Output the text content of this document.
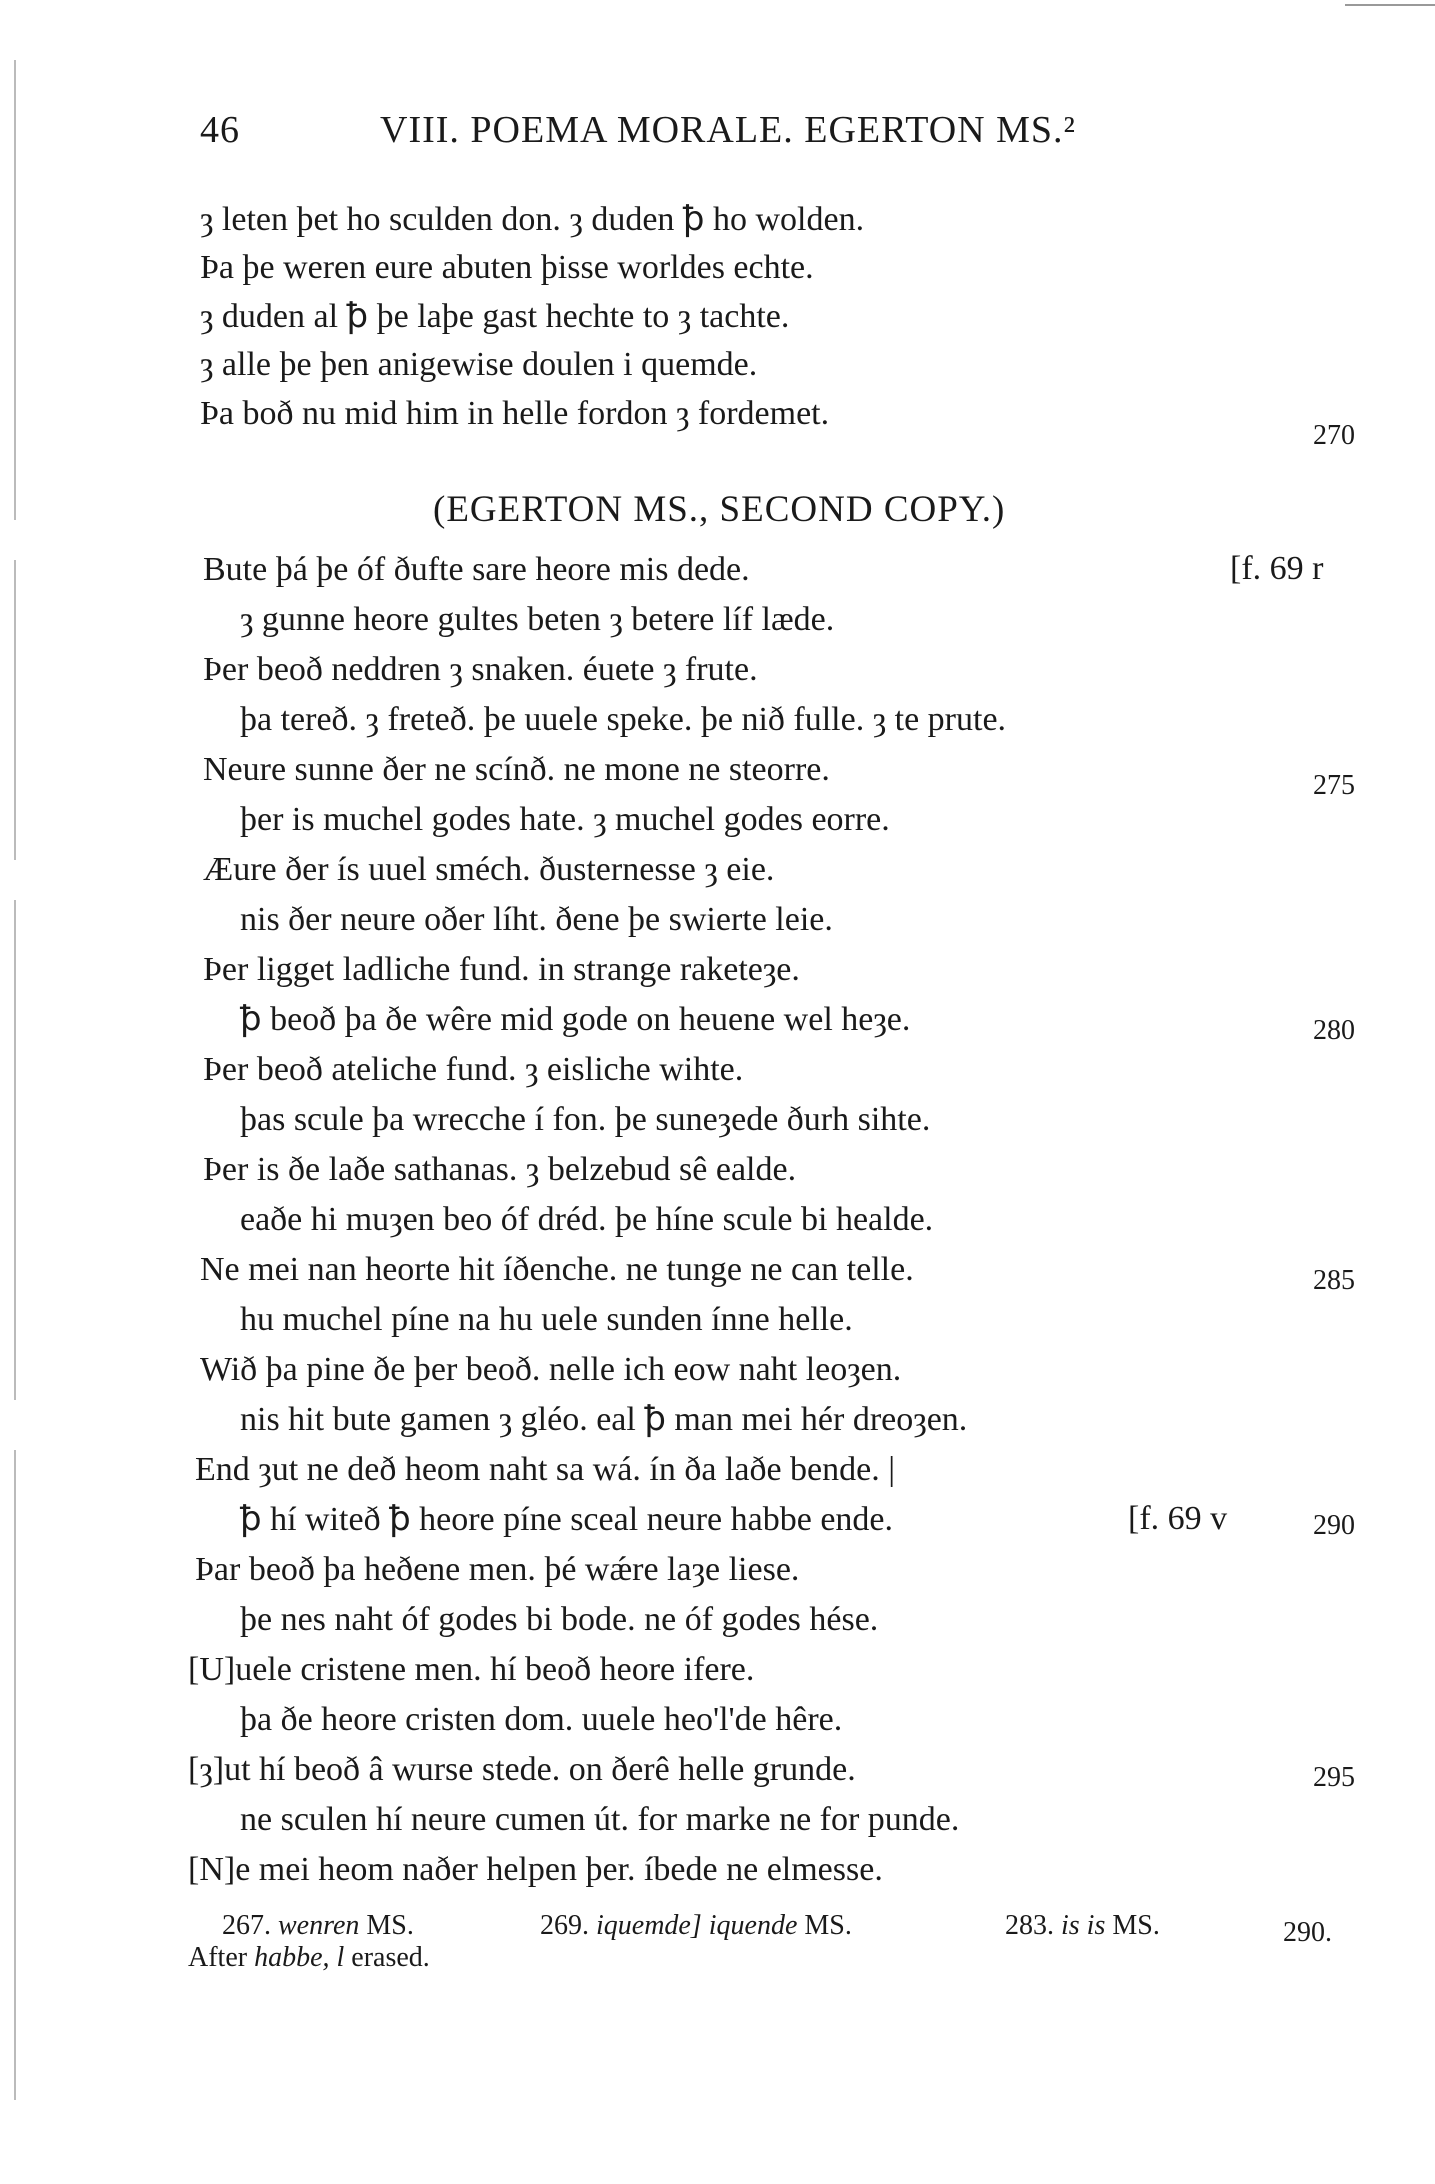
46	VIII. POEMA MORALE. EGERTON MS.²
ȝ leten þet ho sculden don. ȝ duden ꝥ ho wolden.
Þa þe weren eure abuten þisse worldes echte.
ȝ duden al ꝥ þe laþe gast hechte to ȝ tachte.
ȝ alle þe þen anigewise doulen i quemde.
Þa boð nu mid him in helle fordon ȝ fordemet.
270
(EGERTON MS., SECOND COPY.)
Bute þá þe óf ðufte sare heore mis dede.	[f. 69 r
ȝ gunne heore gultes beten ȝ betere líf læde.
Þer beoð neddren ȝ snaken. éuete ȝ frute.
þa tereð. ȝ freteð. þe uuele speke. þe nið fulle. ȝ te prute.
Neure sunne ðer ne scínð. ne mone ne steorre.	275
þer is muchel godes hate. ȝ muchel godes eorre.
Æure ðer ís uuel sméch. ðusternesse ȝ eie.
nis ðer neure oðer líht. ðene þe swierte leie.
Þer ligget ladliche fund. in strange raketeȝe.
ꝥ beoð þa ðe wêre mid gode on heuene wel heȝe.	280
Þer beoð ateliche fund. ȝ eisliche wihte.
þas scule þa wrecche í fon. þe suneȝede ðurh sihte.
Þer is ðe laðe sathanas. ȝ belzebud sê ealde.
eaðe hi muȝen beo óf dréd. þe híne scule bi healde.
Ne mei nan heorte hit íðenche. ne tunge ne can telle.	285
hu muchel píne na hu uele sunden ínne helle.
Wið þa pine ðe þer beoð. nelle ich eow naht leoȝen.
nis hit bute gamen ȝ gléo. eal ꝥ man mei hér dreoȝen.
End ȝut ne deð heom naht sa wá. ín ða laðe bende. |
ꝥ hí witeð ꝥ heore píne sceal neure habbe ende.	[f. 69 v	290
Þar beoð þa heðene men. þé wǽre laȝe liese.
þe nes naht óf godes bi bode. ne óf godes hése.
[U]uele cristene men. hí beoð heore ifere.
þa ðe heore cristen dom. uuele heo'l'de hêre.
[ȝ]ut hí beoð â wurse stede. on ðerê helle grunde.	295
ne sculen hí neure cumen út. for marke ne for punde.
[N]e mei heom naðer helpen þer. íbede ne elmesse.
267. wenren MS.	269. iquemde] iquende MS.	283. is is MS.	290.
After habbe, l erased.
